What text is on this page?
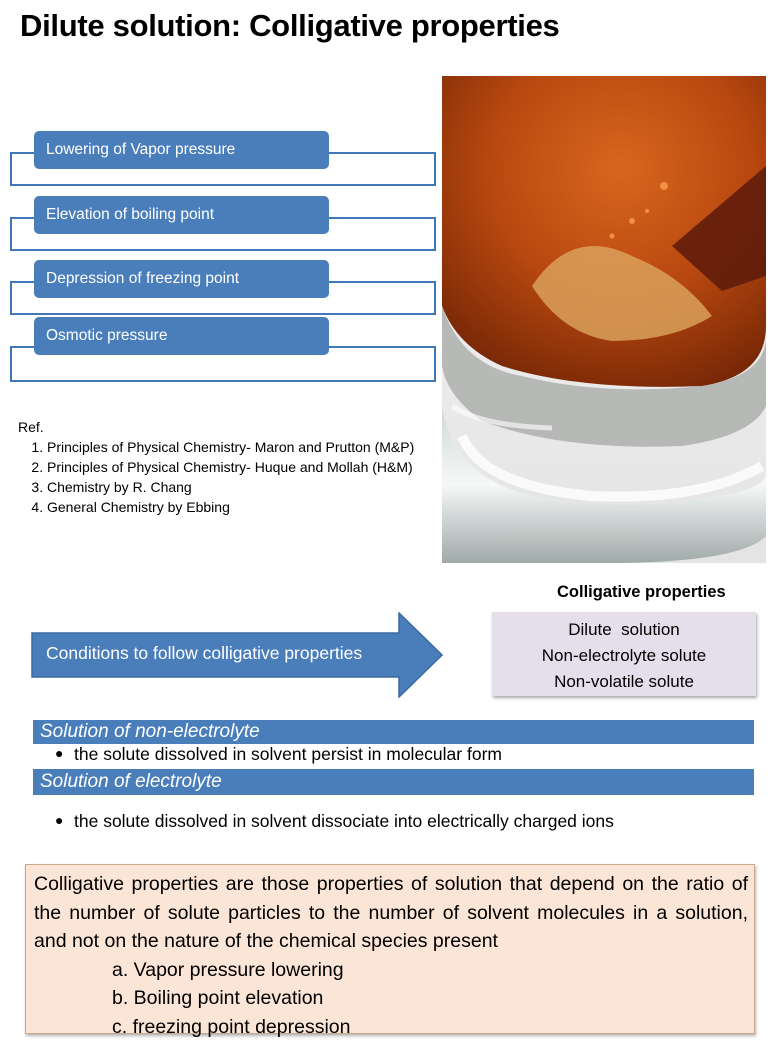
Dilute solution: Colligative properties
Lowering of Vapor pressure
Elevation of boiling point
Depression of freezing point
Osmotic pressure
Ref.
1. Principles of Physical Chemistry- Maron and Prutton (M&P)
2. Principles of Physical Chemistry- Huque and Mollah (H&M)
3. Chemistry by R. Chang
4. General Chemistry by Ebbing
Conditions to follow colligative properties
Colligative properties
Dilute  solution
Non-electrolyte solute
Non-volatile solute
Solution of non-electrolyte
● the solute dissolved in solvent persist in molecular form
Solution of electrolyte
● the solute dissolved in solvent dissociate into electrically charged ions
Colligative properties are those properties of solution that depend on the ratio of the number of solute particles to the number of solvent molecules in a solution, and not on the nature of the chemical species present
a. Vapor pressure lowering
b. Boiling point elevation
c. freezing point depression
